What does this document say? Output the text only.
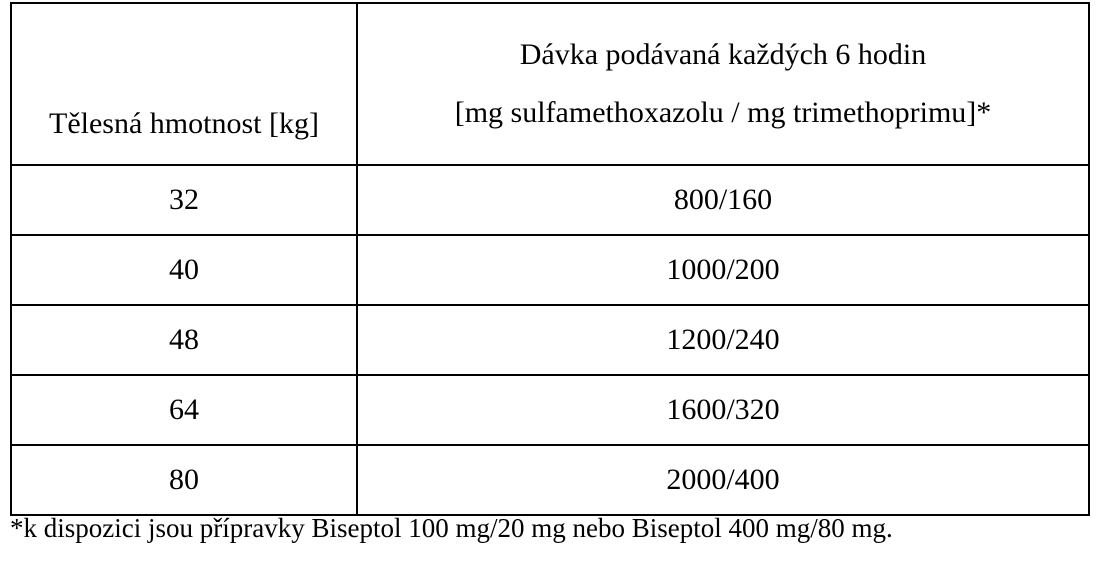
Tělesná hmotnost [kg]	Dávka podávaná každých 6 hodin
[mg sulfamethoxazolu / mg trimethoprimu]*

32	800/160
40	1000/200
48	1200/240
64	1600/320
80	2000/400
*k dispozici jsou přípravky Biseptol 100 mg/20 mg nebo Biseptol 400 mg/80 mg.
